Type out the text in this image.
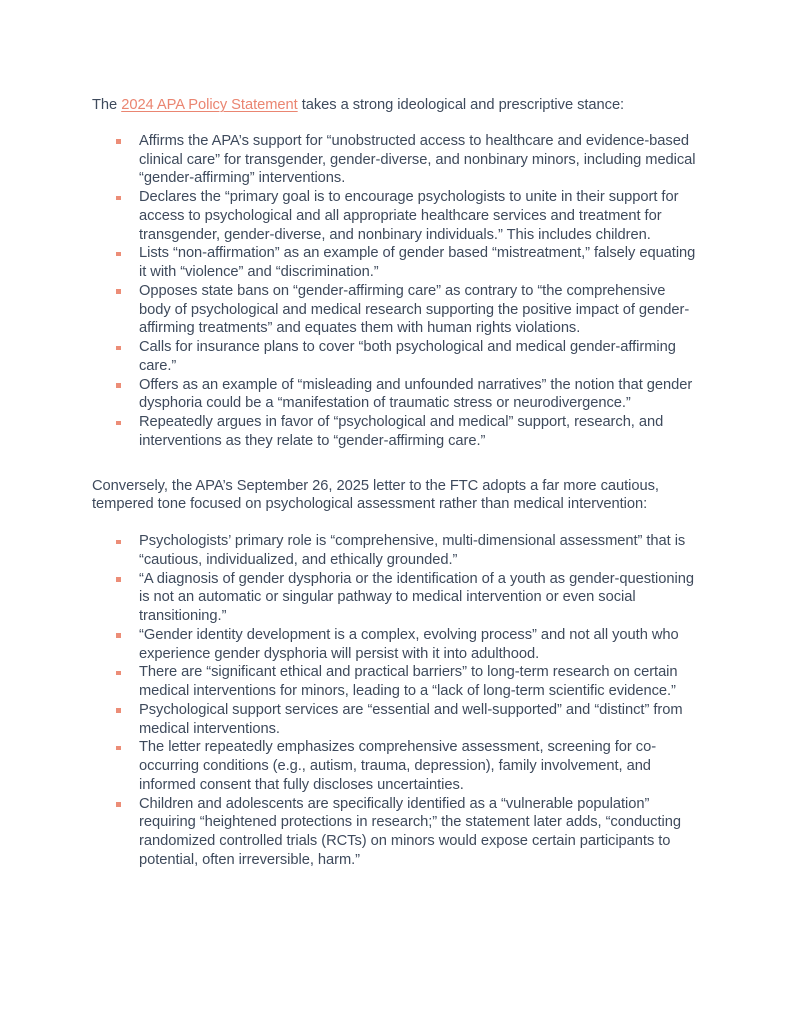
The 2024 APA Policy Statement takes a strong ideological and prescriptive stance:

Affirms the APA’s support for “unobstructed access to healthcare and evidence-based clinical care” for transgender, gender-diverse, and nonbinary minors, including medical “gender-affirming” interventions.
Declares the “primary goal is to encourage psychologists to unite in their support for access to psychological and all appropriate healthcare services and treatment for transgender, gender-diverse, and nonbinary individuals.” This includes children.
Lists “non-affirmation” as an example of gender based “mistreatment,” falsely equating it with “violence” and “discrimination.”
Opposes state bans on “gender-affirming care” as contrary to “the comprehensive body of psychological and medical research supporting the positive impact of gender-affirming treatments” and equates them with human rights violations.
Calls for insurance plans to cover “both psychological and medical gender-affirming care.”
Offers as an example of “misleading and unfounded narratives” the notion that gender dysphoria could be a “manifestation of traumatic stress or neurodivergence.”
Repeatedly argues in favor of “psychological and medical” support, research, and interventions as they relate to “gender-affirming care.”

Conversely, the APA’s September 26, 2025 letter to the FTC adopts a far more cautious, tempered tone focused on psychological assessment rather than medical intervention:

Psychologists’ primary role is “comprehensive, multi-dimensional assessment” that is “cautious, individualized, and ethically grounded.”
“A diagnosis of gender dysphoria or the identification of a youth as gender-questioning is not an automatic or singular pathway to medical intervention or even social transitioning.”
“Gender identity development is a complex, evolving process” and not all youth who experience gender dysphoria will persist with it into adulthood.
There are “significant ethical and practical barriers” to long-term research on certain medical interventions for minors, leading to a “lack of long-term scientific evidence.”
Psychological support services are “essential and well-supported” and “distinct” from medical interventions.
The letter repeatedly emphasizes comprehensive assessment, screening for co-occurring conditions (e.g., autism, trauma, depression), family involvement, and informed consent that fully discloses uncertainties.
Children and adolescents are specifically identified as a “vulnerable population” requiring “heightened protections in research;” the statement later adds, “conducting randomized controlled trials (RCTs) on minors would expose certain participants to potential, often irreversible, harm.”
